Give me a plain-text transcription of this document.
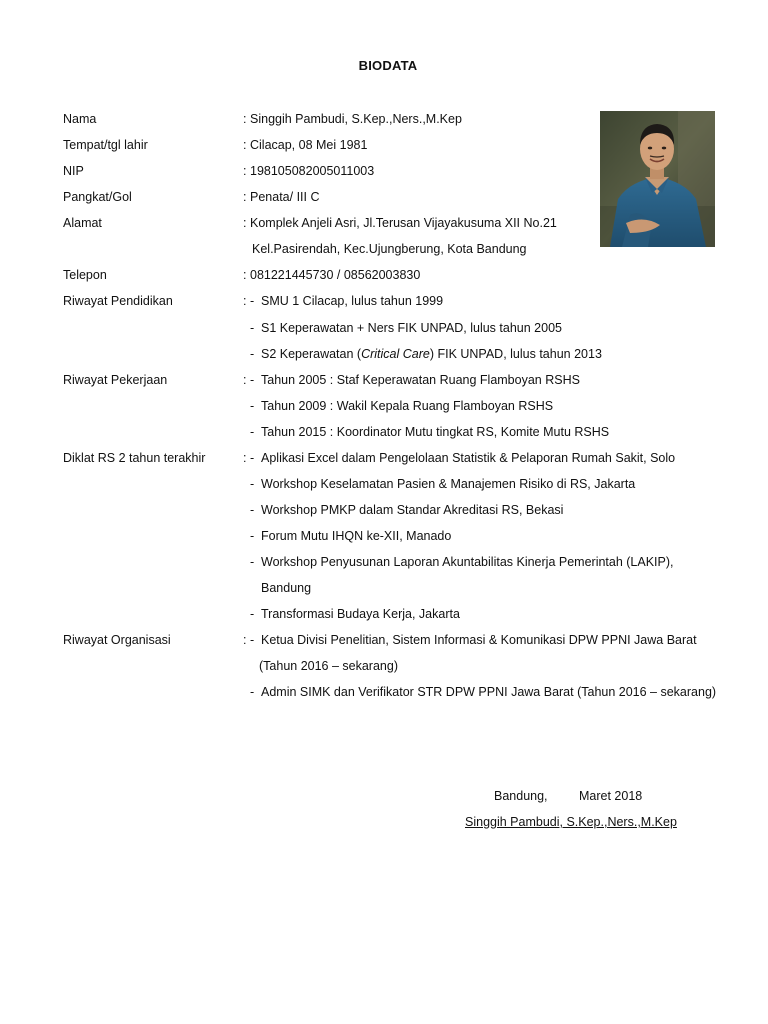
BIODATA
Nama	: Singgih Pambudi, S.Kep.,Ners.,M.Kep
Tempat/tgl lahir	: Cilacap, 08 Mei 1981
NIP	: 198105082005011003
Pangkat/Gol	: Penata/ III C
Alamat	: Komplek Anjeli Asri, Jl.Terusan Vijayakusuma XII No.21
Kel.Pasirendah, Kec.Ujungberung, Kota Bandung
Telepon	: 081221445730 / 08562003830
Riwayat Pendidikan	: - SMU 1 Cilacap, lulus tahun 1999
- S1 Keperawatan + Ners FIK UNPAD, lulus tahun 2005
- S2 Keperawatan (Critical Care) FIK UNPAD, lulus tahun 2013
Riwayat Pekerjaan	: - Tahun 2005 : Staf Keperawatan Ruang Flamboyan RSHS
- Tahun 2009 : Wakil Kepala Ruang Flamboyan RSHS
- Tahun 2015 : Koordinator Mutu tingkat RS, Komite Mutu RSHS
Diklat RS 2 tahun terakhir	: - Aplikasi Excel dalam Pengelolaan Statistik & Pelaporan Rumah Sakit, Solo
- Workshop Keselamatan Pasien & Manajemen Risiko di RS, Jakarta
- Workshop PMKP dalam Standar Akreditasi RS, Bekasi
- Forum Mutu IHQN ke-XII, Manado
- Workshop Penyusunan Laporan Akuntabilitas Kinerja Pemerintah (LAKIP),
Bandung
- Transformasi Budaya Kerja, Jakarta
Riwayat Organisasi	: - Ketua Divisi Penelitian, Sistem Informasi & Komunikasi DPW PPNI Jawa Barat
(Tahun 2016 – sekarang)
- Admin SIMK dan Verifikator STR DPW PPNI Jawa Barat (Tahun 2016 – sekarang)
Bandung,	Maret 2018
Singgih Pambudi, S.Kep.,Ners.,M.Kep
